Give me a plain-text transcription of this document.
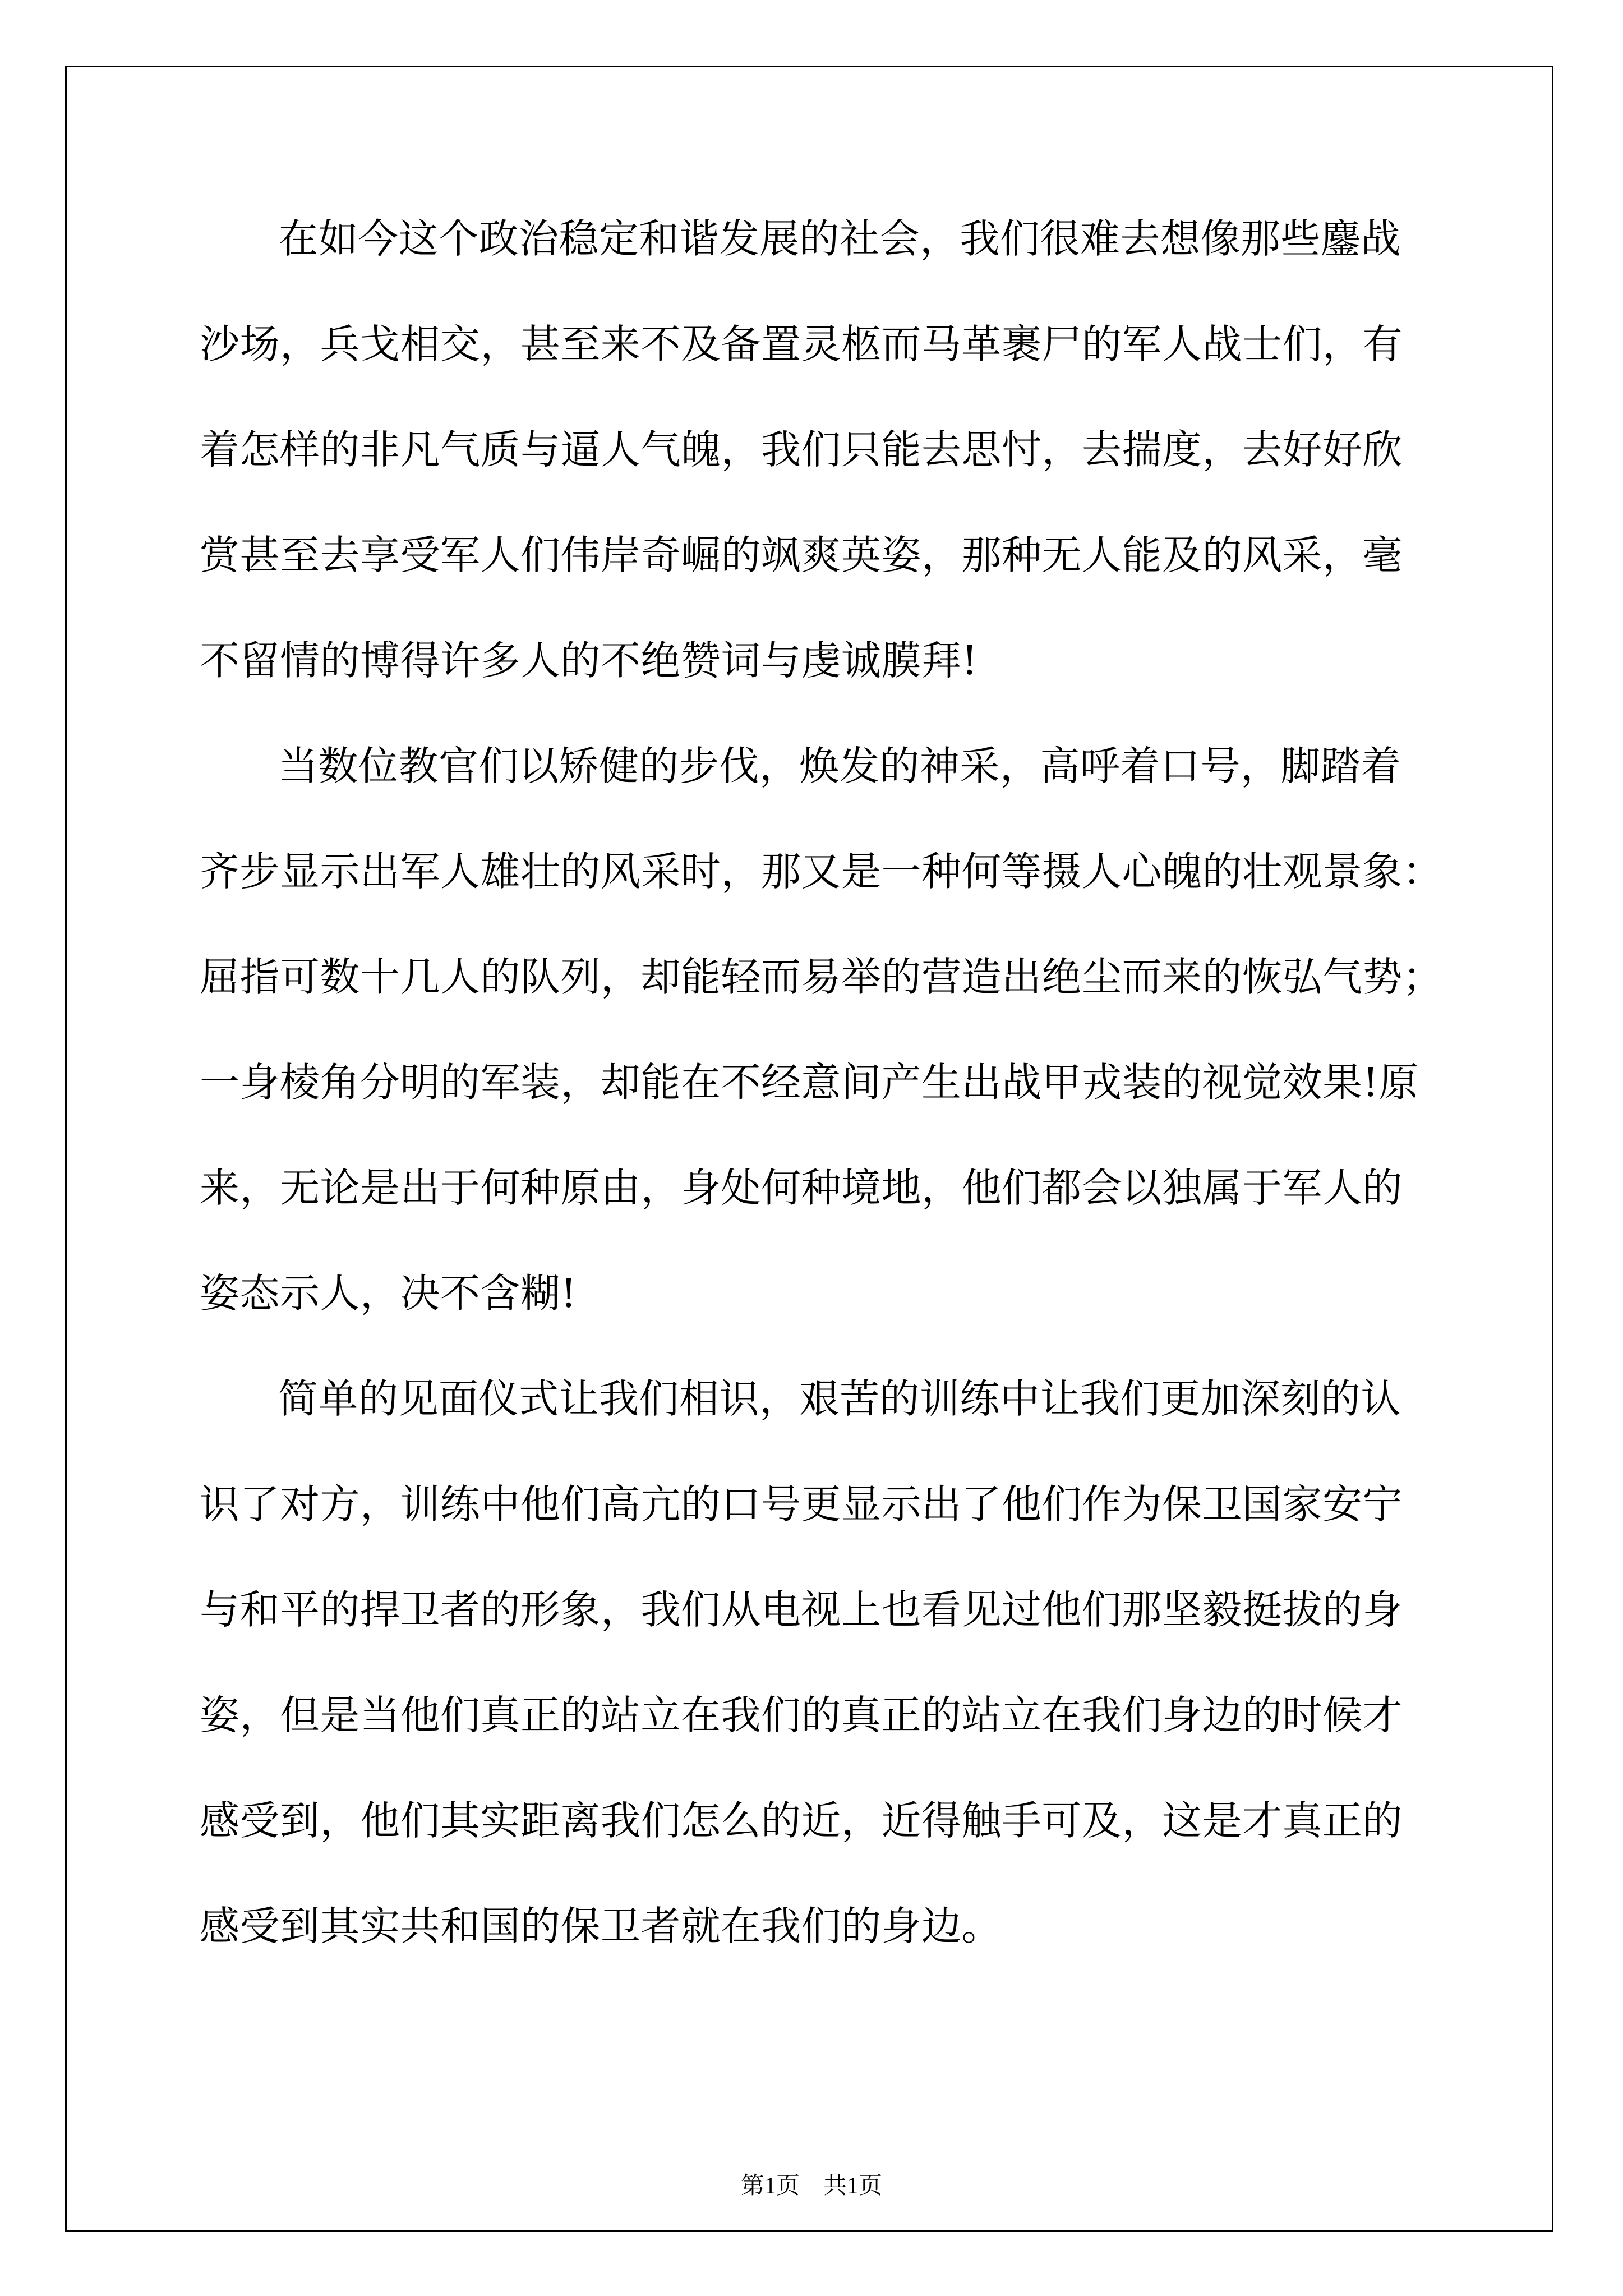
在如今这个政治稳定和谐发展的社会，我们很难去想像那些鏖战
沙场，兵戈相交，甚至来不及备置灵柩而马革裹尸的军人战士们，有
着怎样的非凡气质与逼人气魄，我们只能去思忖，去揣度，去好好欣
赏甚至去享受军人们伟岸奇崛的飒爽英姿，那种无人能及的风采，毫
不留情的博得许多人的不绝赞词与虔诚膜拜!
当数位教官们以矫健的步伐，焕发的神采，高呼着口号，脚踏着
齐步显示出军人雄壮的风采时，那又是一种何等摄人心魄的壮观景象：
屈指可数十几人的队列，却能轻而易举的营造出绝尘而来的恢弘气势；
一身棱角分明的军装，却能在不经意间产生出战甲戎装的视觉效果!原
来，无论是出于何种原由，身处何种境地，他们都会以独属于军人的
姿态示人，决不含糊!
简单的见面仪式让我们相识，艰苦的训练中让我们更加深刻的认
识了对方，训练中他们高亢的口号更显示出了他们作为保卫国家安宁
与和平的捍卫者的形象，我们从电视上也看见过他们那坚毅挺拔的身
姿，但是当他们真正的站立在我们的真正的站立在我们身边的时候才
感受到，他们其实距离我们怎么的近，近得触手可及，这是才真正的
感受到其实共和国的保卫者就在我们的身边。
第1页　共1页
